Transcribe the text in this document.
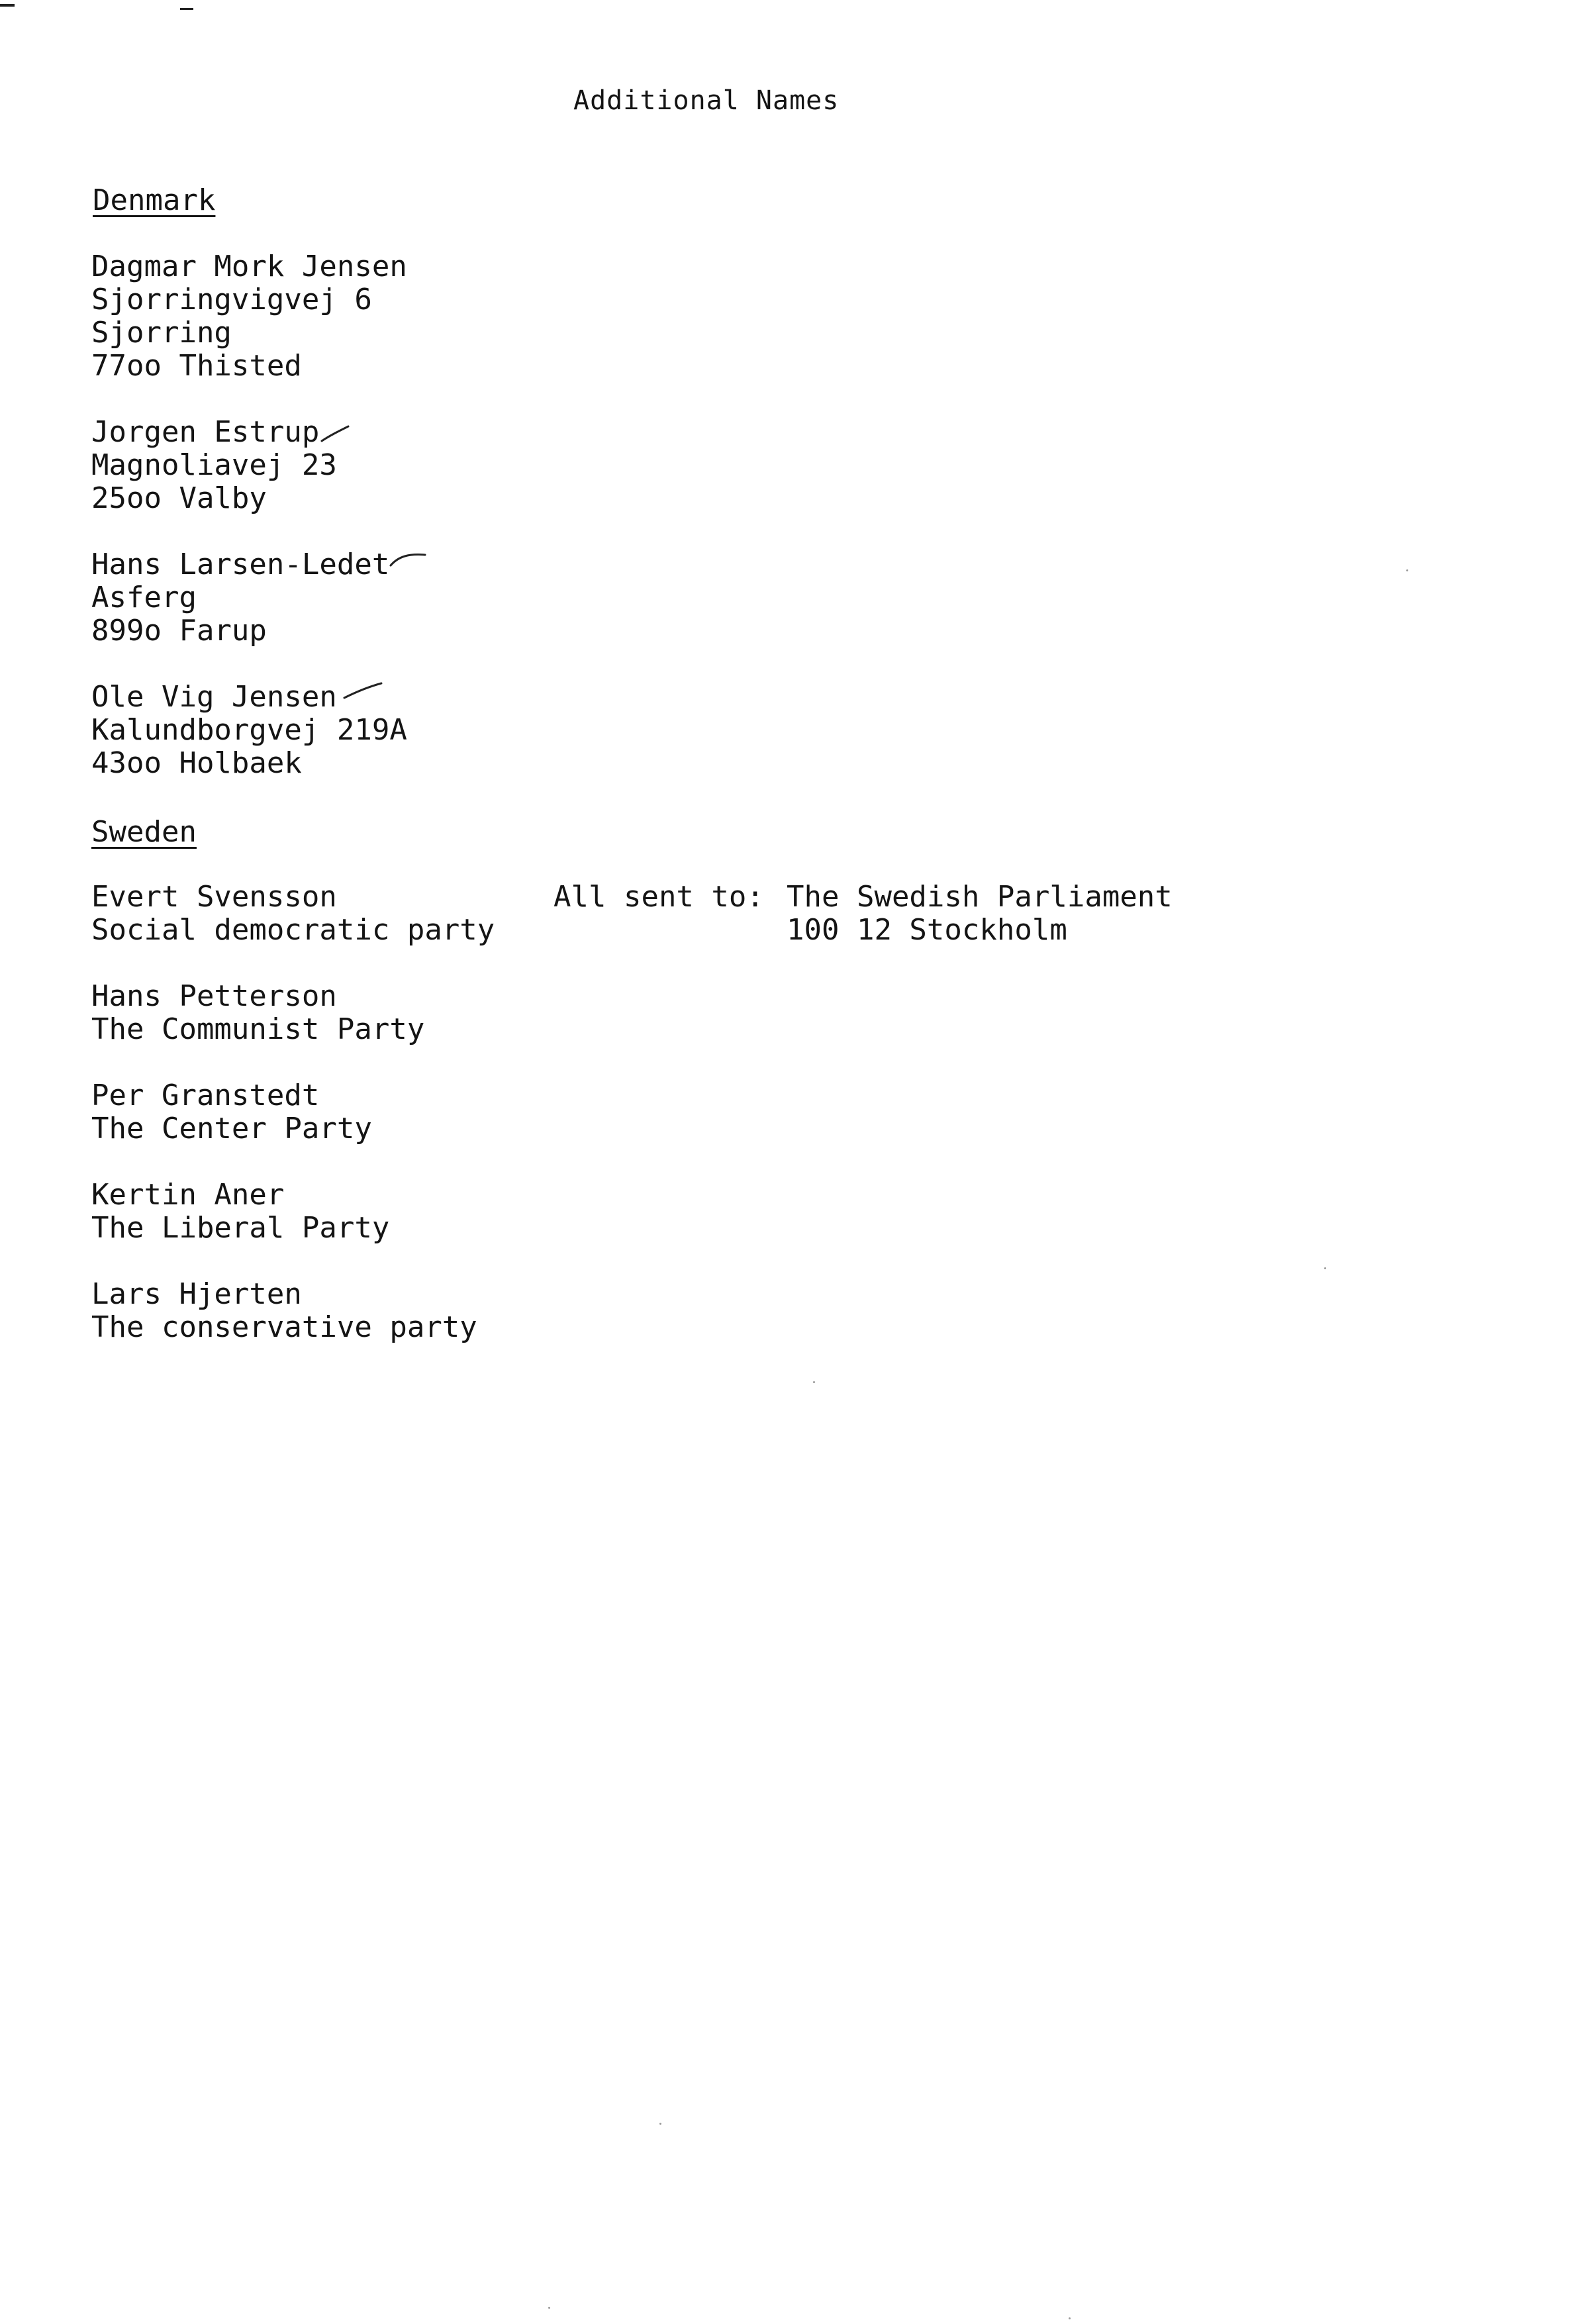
Additional Names
Denmark
Dagmar Mork Jensen
Sjorringvigvej 6
Sjorring
77oo Thisted
Jorgen Estrup
Magnoliavej 23
25oo Valby
Hans Larsen-Ledet
Asferg
899o Farup
Ole Vig Jensen
Kalundborgvej 219A
43oo Holbaek
Sweden
Evert Svensson
Social democratic party
All sent to: The Swedish Parliament
100 12 Stockholm
Hans Petterson
The Communist Party
Per Granstedt
The Center Party
Kertin Aner
The Liberal Party
Lars Hjerten
The conservative party
